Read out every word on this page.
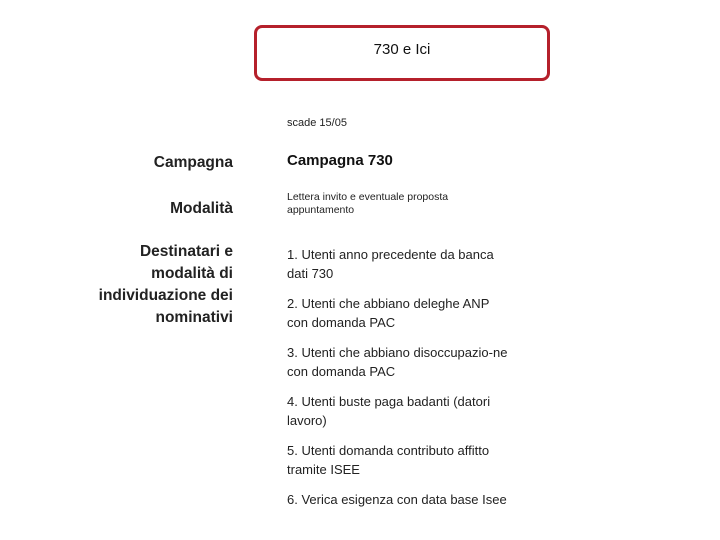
730 e Ici
scade 15/05
Campagna
Modalità
Destinatari e modalità di individuazione dei nominativi
Campagna 730
Lettera invito e eventuale proposta appuntamento
1. Utenti anno precedente da banca dati 730
2. Utenti che abbiano deleghe ANP con domanda PAC
3. Utenti che abbiano disoccupazio-ne con domanda PAC
4. Utenti buste paga badanti (datori lavoro)
5. Utenti domanda contributo affitto tramite ISEE
6. Verica esigenza con data base Isee
